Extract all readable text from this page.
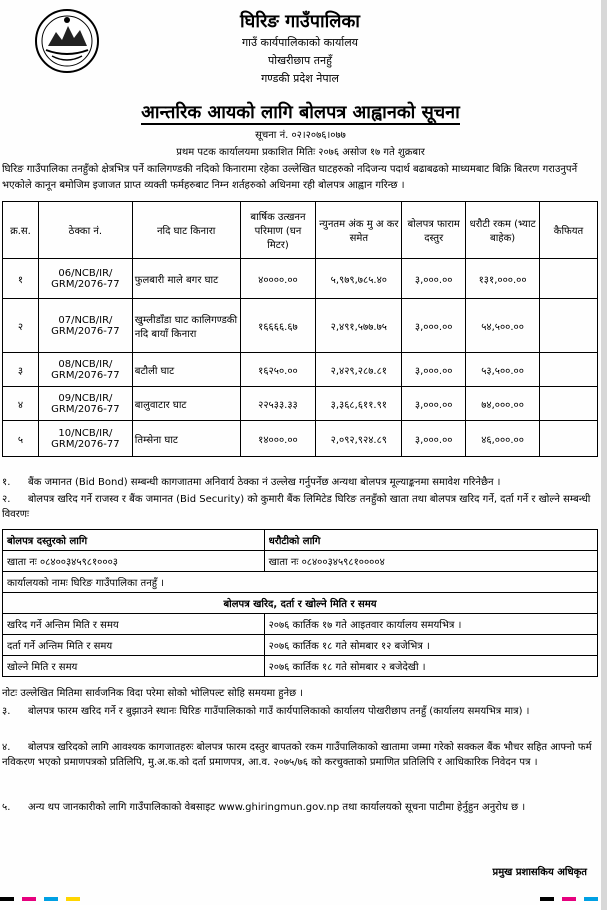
घिरिङ गाउँपालिका
गाउँ कार्यपालिकाको कार्यालय
पोखरीछाप तनहुँ
गण्डकी प्रदेश नेपाल
आन्तरिक आयको लागि बोलपत्र आह्वानको सूचना
सूचना नं. ०२।२०७६।०७७
प्रथम पटक कार्यालयमा प्रकाशित मितिः २०७६ असोज १७ गते शुक्रबार
घिरिङ गाउँपालिका तनहुँको क्षेत्रभित्र पर्ने कालिगण्डकी नदिको किनारामा रहेका उल्लेखित घाटहरुको नदिजन्य पदार्थ बढाबढको माध्यमबाट बिक्रि बितरण गराउनुपर्ने भएकोले कानून बमोजिम इजाजत प्राप्त व्यक्ती फर्महरुबाट निम्न शर्तहरुको अधिनमा रही बोलपत्र आह्वान गरिन्छ ।
क्र.स.	ठेक्का नं.	नदि घाट किनारा	बार्षिक उत्खनन परिमाण (घन मिटर)	न्युनतम अंक मु अ कर समेत	बोलपत्र फाराम दस्तुर	धरौटी रकम (भ्याट बाहेक)	कैफियत
१	06/NCB/IR/ GRM/2076-77	फुलबारी माले बगर घाट	४००००.००	५,९७९,७८५.४०	३,०००.००	१३१,०००.००	
२	07/NCB/IR/ GRM/2076-77	खुम्लीडाँडा घाट कालिगण्डकी नदि बायाँ किनारा	१६६६६.६७	२,४९१,५७७.७५	३,०००.००	५४,५००.००	
३	08/NCB/IR/ GRM/2076-77	बटौली घाट	१६२५०.००	२,४२९,२८७.८१	३,०००.००	५३,५००.००	
४	09/NCB/IR/ GRM/2076-77	बालुवाटार घाट	२२५३३.३३	३,३६८,६११.९१	३,०००.००	७४,०००.००	
५	10/NCB/IR/ GRM/2076-77	तिम्सेना घाट	१४०००.००	२,०९२,९२४.८९	३,०००.००	४६,०००.००	
१. बैंक जमानत (Bid Bond) सम्बन्धी कागजातमा अनिवार्य ठेक्का नं उल्लेख गर्नुपर्नेछ अन्यथा बोलपत्र मूल्याङ्कनमा समावेश गरिनेछैन ।
२. बोलपत्र खरिद गर्ने राजस्व र बैंक जमानत (Bid Security) को कुमारी बैंक लिमिटेड घिरिङ तनहुँको खाता तथा बोलपत्र खरिद गर्ने, दर्ता गर्ने र खोल्ने सम्बन्धी विवरणः
बोलपत्र दस्तुरको लागि	धरौटीको लागि
खाता नः ०८४००३४५९८१०००३	खाता नः ०८४००३४५९८१००००४
कार्यालयको नामः घिरिङ गाउँपालिका तनहुँ ।	
बोलपत्र खरिद, दर्ता र खोल्ने मिति र समय	
खरिद गर्ने अन्तिम मिति र समय	२०७६ कार्तिक १७ गते आइतवार कार्यालय समयभित्र ।
दर्ता गर्ने अन्तिम मिति र समय	२०७६ कार्तिक १८ गते सोमबार १२ बजेभित्र ।
खोल्ने मिति र समय	२०७६ कार्तिक १८ गते सोमबार २ बजेदेखी ।
नोटः उल्लेखित मितिमा सार्वजनिक विदा परेमा सोको भोलिपल्ट सोहि समयमा हुनेछ ।
३. बोलपत्र फारम खरिद गर्ने र बुझाउने स्थानः घिरिङ गाउँपालिकाको गाउँ कार्यपालिकाको कार्यालय पोखरीछाप तनहुँ (कार्यालय समयभित्र मात्र) ।
४. बोलपत्र खरिदको लागि आवश्यक कागजातहरुः बोलपत्र फारम दस्तुर बापतको रकम गाउँपालिकाको खातामा जम्मा गरेको सक्कल बैंक भौचर सहित आफ्नो फर्म नविकरण भएको प्रमाणपत्रको प्रतिलिपि, मु.अ.क.को दर्ता प्रमाणपत्र, आ.व. २०७५/७६ को करचुक्ताको प्रमाणित प्रतिलिपि र आधिकारिक निवेदन पत्र ।
५. अन्य थप जानकारीको लागि गाउँपालिकाको वेबसाइट www.ghiringmun.gov.np तथा कार्यालयको सूचना पाटीमा हेर्नुहुन अनुरोध छ ।
प्रमुख प्रशासकिय अधिकृत
